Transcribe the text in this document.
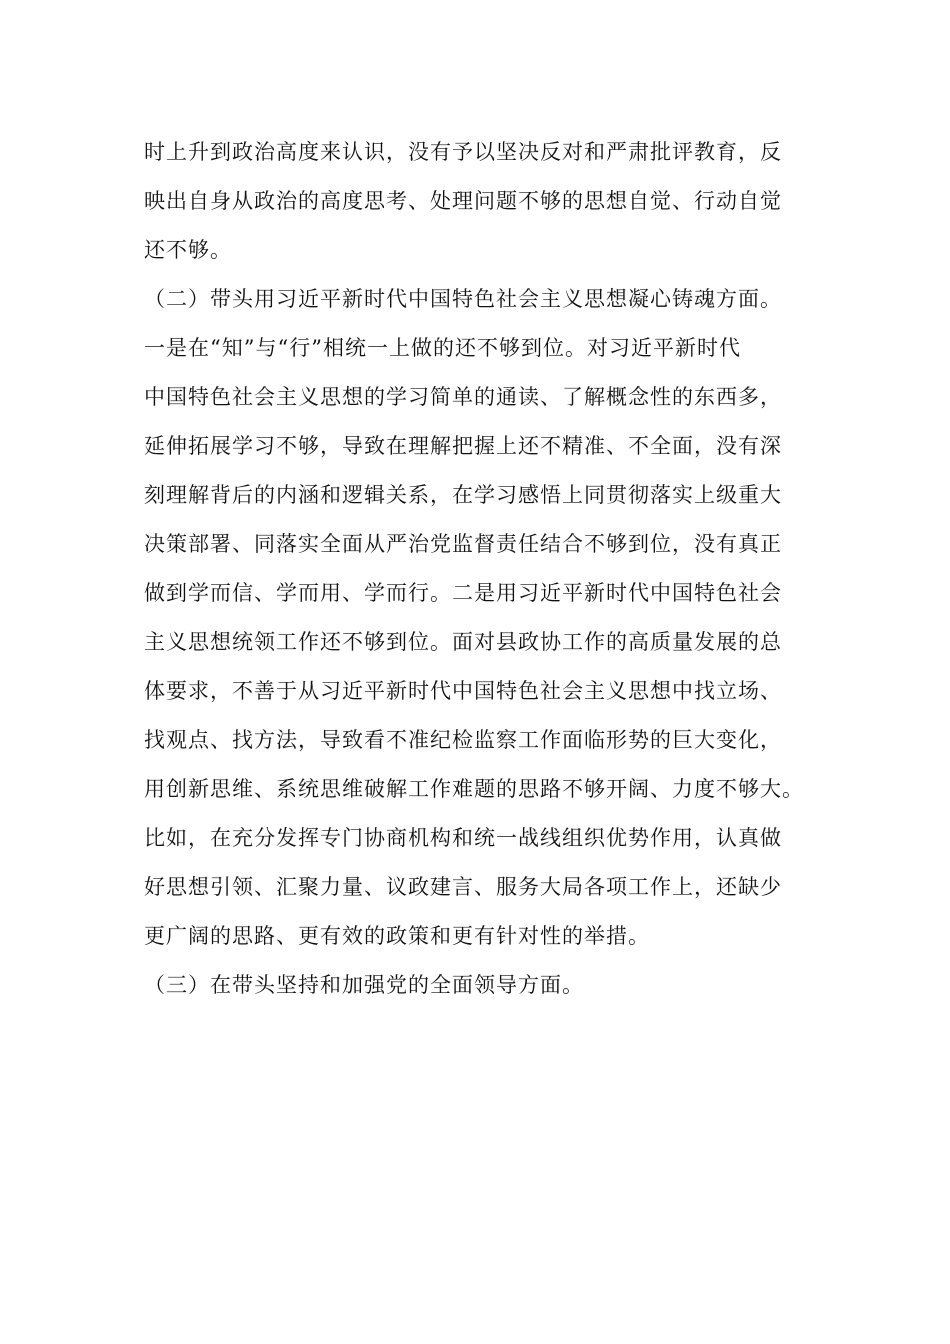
时上升到政治高度来认识，没有予以坚决反对和严肃批评教育，反
映出自身从政治的高度思考、处理问题不够的思想自觉、行动自觉
还不够。
（二）带头用习近平新时代中国特色社会主义思想凝心铸魂方面。
一是在“知”与“行”相统一上做的还不够到位。对习近平新时代
中国特色社会主义思想的学习简单的通读、了解概念性的东西多，
延伸拓展学习不够，导致在理解把握上还不精准、不全面，没有深
刻理解背后的内涵和逻辑关系，在学习感悟上同贯彻落实上级重大
决策部署、同落实全面从严治党监督责任结合不够到位，没有真正
做到学而信、学而用、学而行。二是用习近平新时代中国特色社会
主义思想统领工作还不够到位。面对县政协工作的高质量发展的总
体要求，不善于从习近平新时代中国特色社会主义思想中找立场、
找观点、找方法，导致看不准纪检监察工作面临形势的巨大变化，
用创新思维、系统思维破解工作难题的思路不够开阔、力度不够大。
比如，在充分发挥专门协商机构和统一战线组织优势作用，认真做
好思想引领、汇聚力量、议政建言、服务大局各项工作上，还缺少
更广阔的思路、更有效的政策和更有针对性的举措。
（三）在带头坚持和加强党的全面领导方面。
